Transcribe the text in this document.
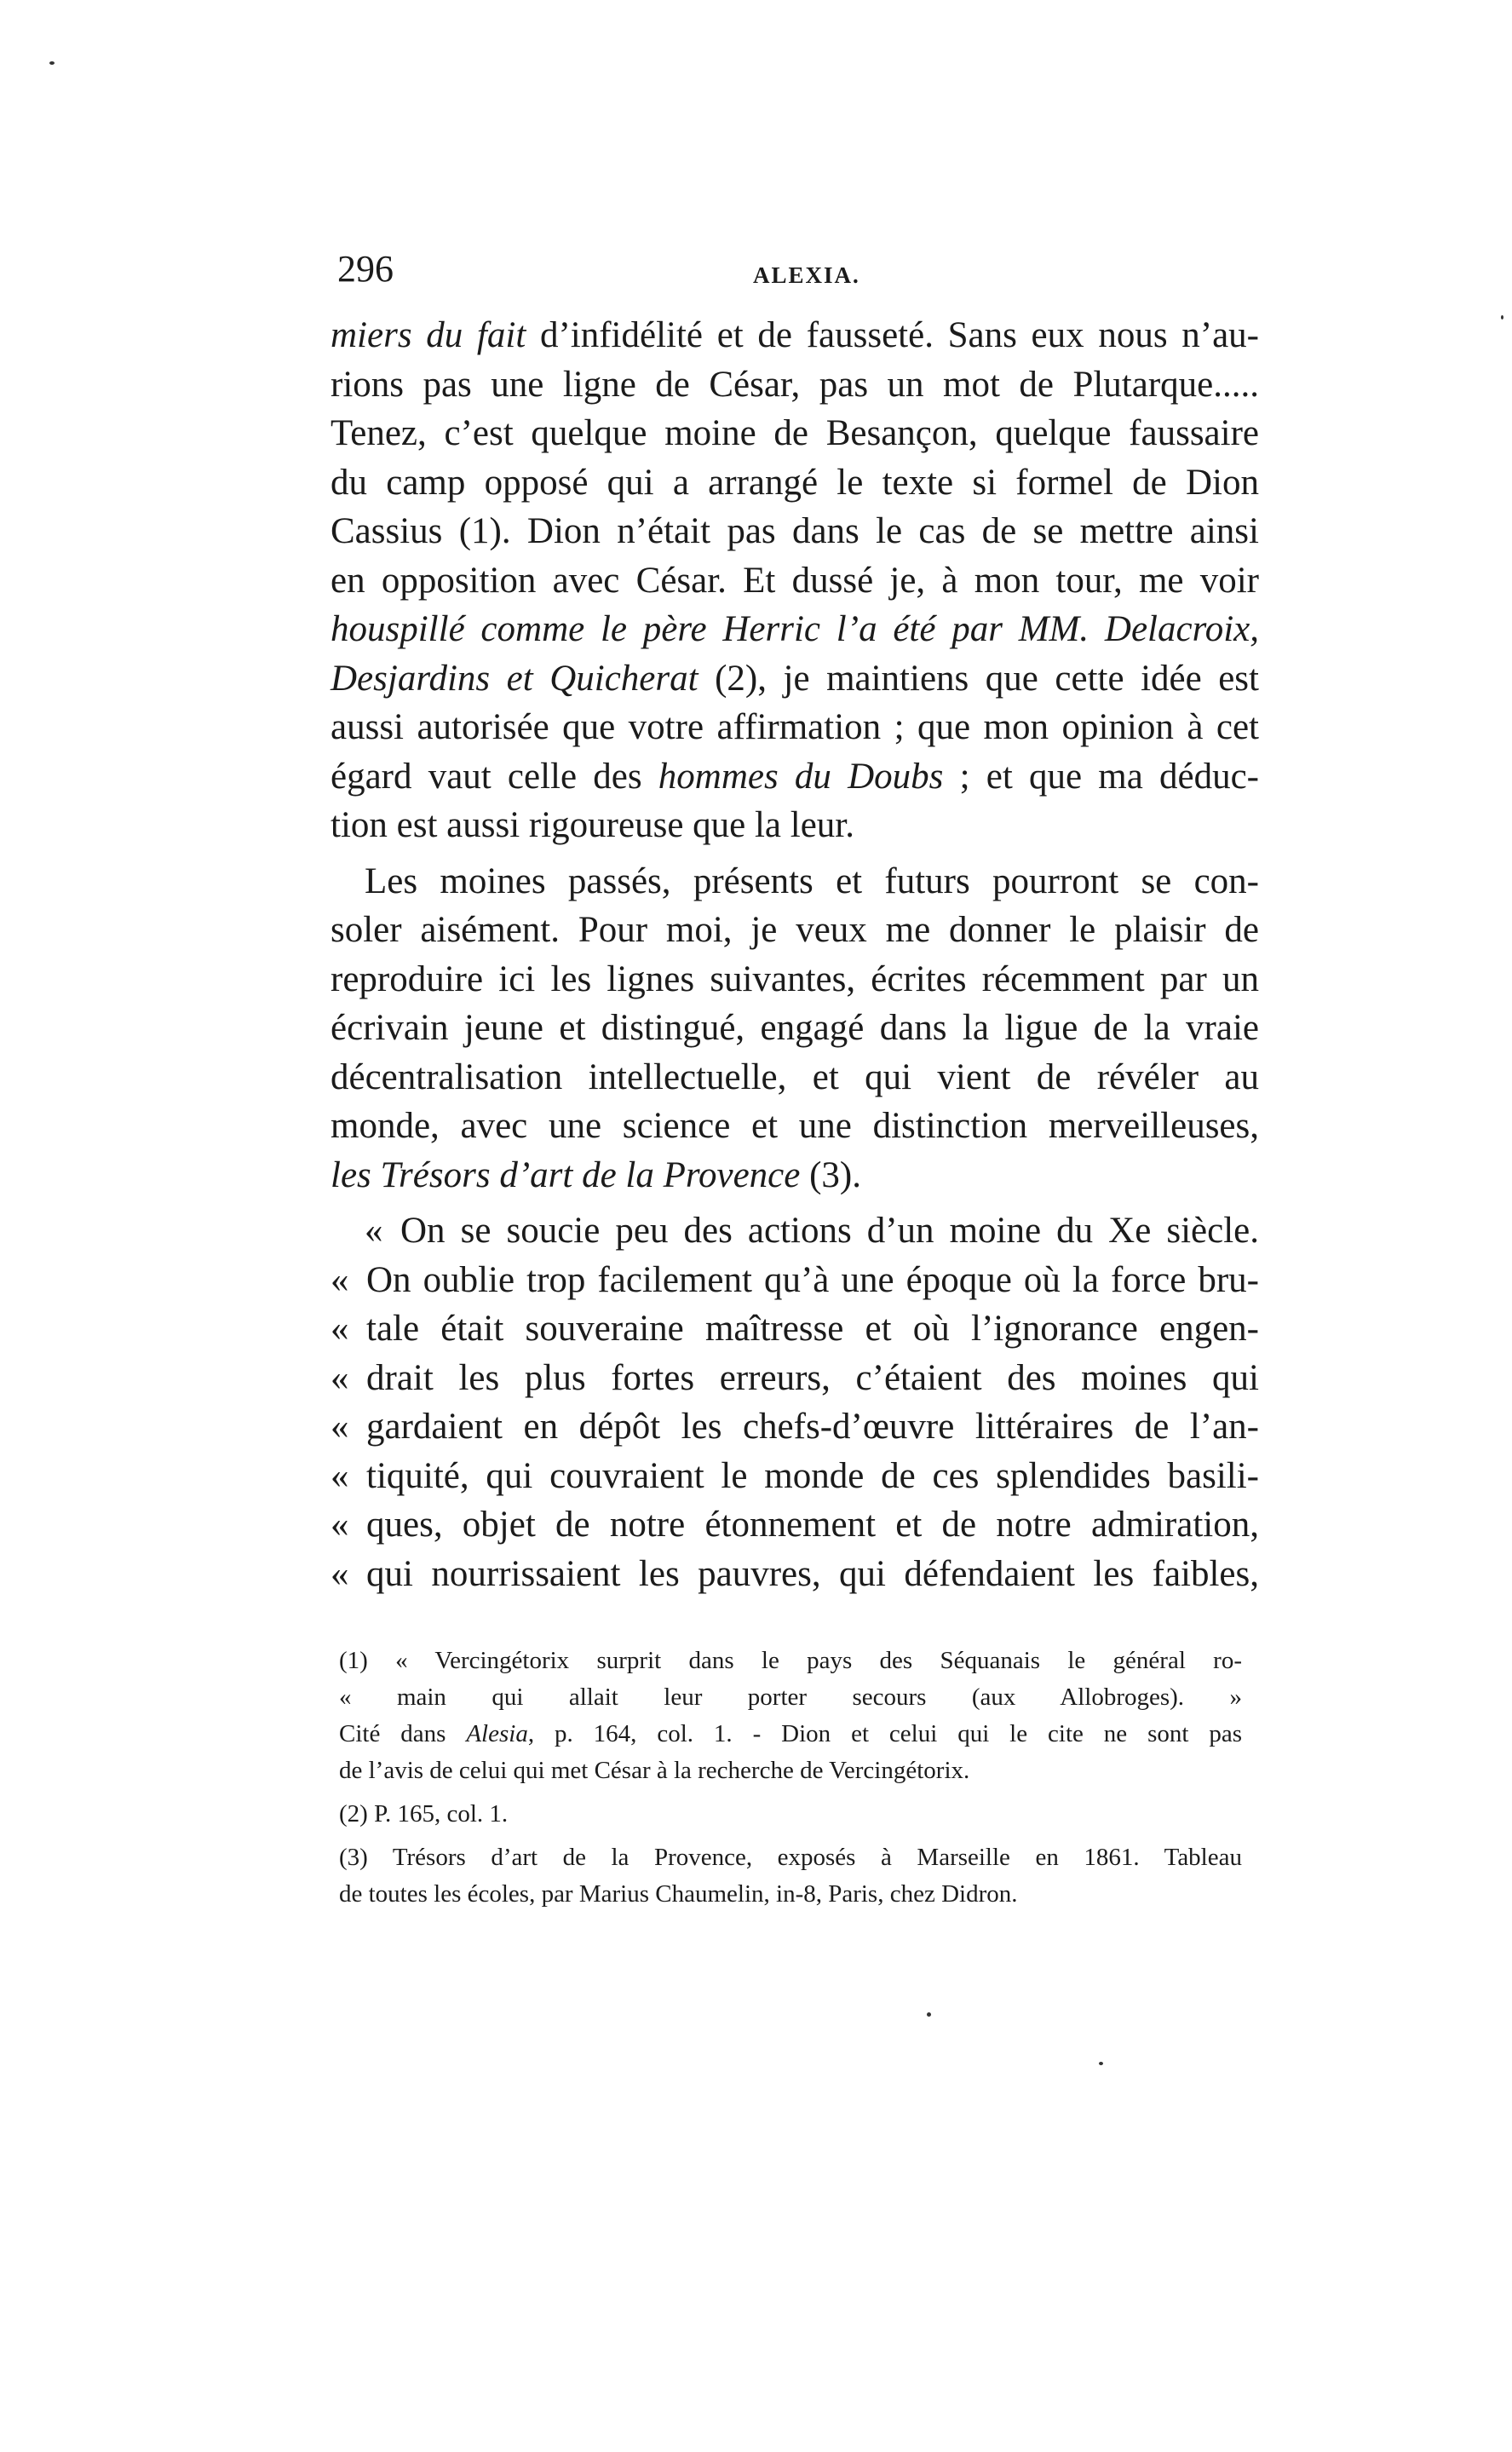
296	ALEXIA.
miers du fait d’infidélité et de fausseté. Sans eux nous n’au-
rions pas une ligne de César, pas un mot de Plutarque.....
Tenez, c’est quelque moine de Besançon, quelque faussaire
du camp opposé qui a arrangé le texte si formel de Dion
Cassius (1). Dion n’était pas dans le cas de se mettre ainsi
en opposition avec César. Et dussé je, à mon tour, me voir
houspillé comme le père Herric l’a été par MM. Delacroix,
Desjardins et Quicherat (2), je maintiens que cette idée est
aussi autorisée que votre affirmation ; que mon opinion à cet
égard vaut celle des hommes du Doubs ; et que ma déduc-
tion est aussi rigoureuse que la leur.
Les moines passés, présents et futurs pourront se con-
soler aisément. Pour moi, je veux me donner le plaisir de
reproduire ici les lignes suivantes, écrites récemment par un
écrivain jeune et distingué, engagé dans la ligue de la vraie
décentralisation intellectuelle, et qui vient de révéler au
monde, avec une science et une distinction merveilleuses,
les Trésors d’art de la Provence (3).
« On se soucie peu des actions d’un moine du Xe siècle.
« On oublie trop facilement qu’à une époque où la force bru-
« tale était souveraine maîtresse et où l’ignorance engen-
« drait les plus fortes erreurs, c’étaient des moines qui
« gardaient en dépôt les chefs-d’œuvre littéraires de l’an-
« tiquité, qui couvraient le monde de ces splendides basili-
« ques, objet de notre étonnement et de notre admiration,
« qui nourrissaient les pauvres, qui défendaient les faibles,
(1) « Vercingétorix surprit dans le pays des Séquanais le général ro-
« main qui allait leur porter secours (aux Allobroges). »
Cité dans Alesia, p. 164, col. 1. - Dion et celui qui le cite ne sont pas
de l’avis de celui qui met César à la recherche de Vercingétorix.
(2) P. 165, col. 1.
(3) Trésors d’art de la Provence, exposés à Marseille en 1861. Tableau
de toutes les écoles, par Marius Chaumelin, in-8, Paris, chez Didron.
